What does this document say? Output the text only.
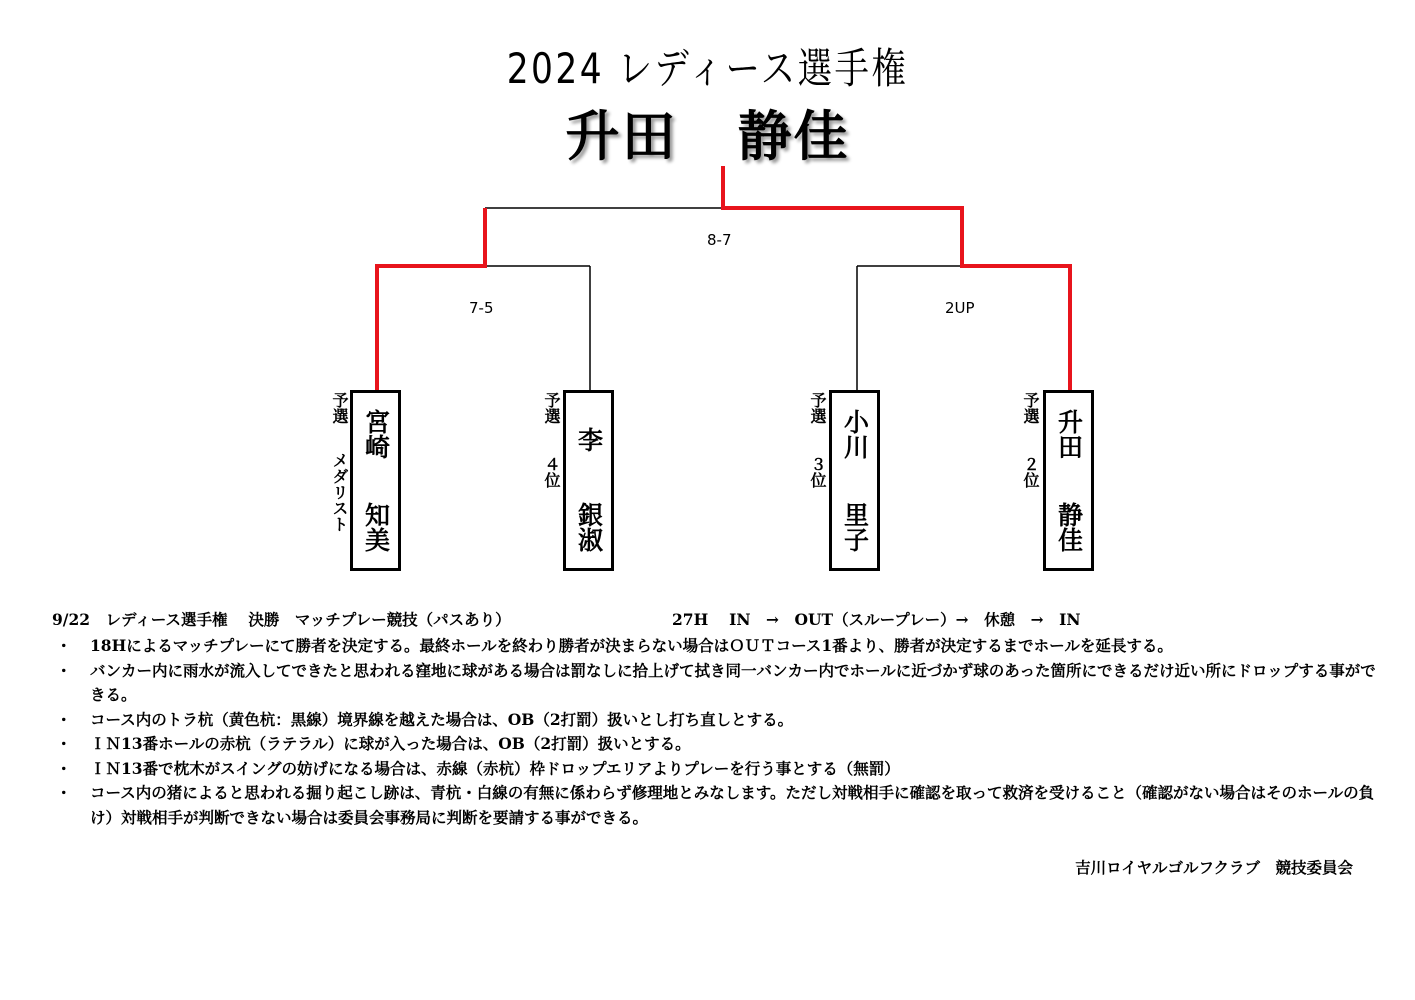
2024 レディース選手権
升田 静佳
8-7
7-5	2UP
予選
メダリスト
宮崎
知美
予選
４位
李
銀淑
予選
３位
小川
里子
予選
２位
升田
静佳
9/22　レディース選手権　 決勝　マッチプレー競技（パスあり）	27H　 IN　→　OUT（スループレー）→　休憩　→　IN
・ 18Hによるマッチプレーにて勝者を決定する。最終ホールを終わり勝者が決まらない場合はＯＵＴコース1番より、勝者が決定するまでホールを延長する。
・ バンカー内に雨水が流入してできたと思われる窪地に球がある場合は罰なしに拾上げて拭き同一バンカー内でホールに近づかず球のあった箇所にできるだけ近い所にドロップする事ができる。
・ コース内のトラ杭（黄色杭：黒線）境界線を越えた場合は、OB（2打罰）扱いとし打ち直しとする。
・ ＩＮ13番ホールの赤杭（ラテラル）に球が入った場合は、OB（2打罰）扱いとする。
・ ＩＮ13番で枕木がスイングの妨げになる場合は、赤線（赤杭）枠ドロップエリアよりプレーを行う事とする（無罰）
・ コース内の猪によると思われる掘り起こし跡は、青杭・白線の有無に係わらず修理地とみなします。ただし対戦相手に確認を取って救済を受けること（確認がない場合はそのホールの負け）対戦相手が判断できない場合は委員会事務局に判断を要請する事ができる。
吉川ロイヤルゴルフクラブ　競技委員会
